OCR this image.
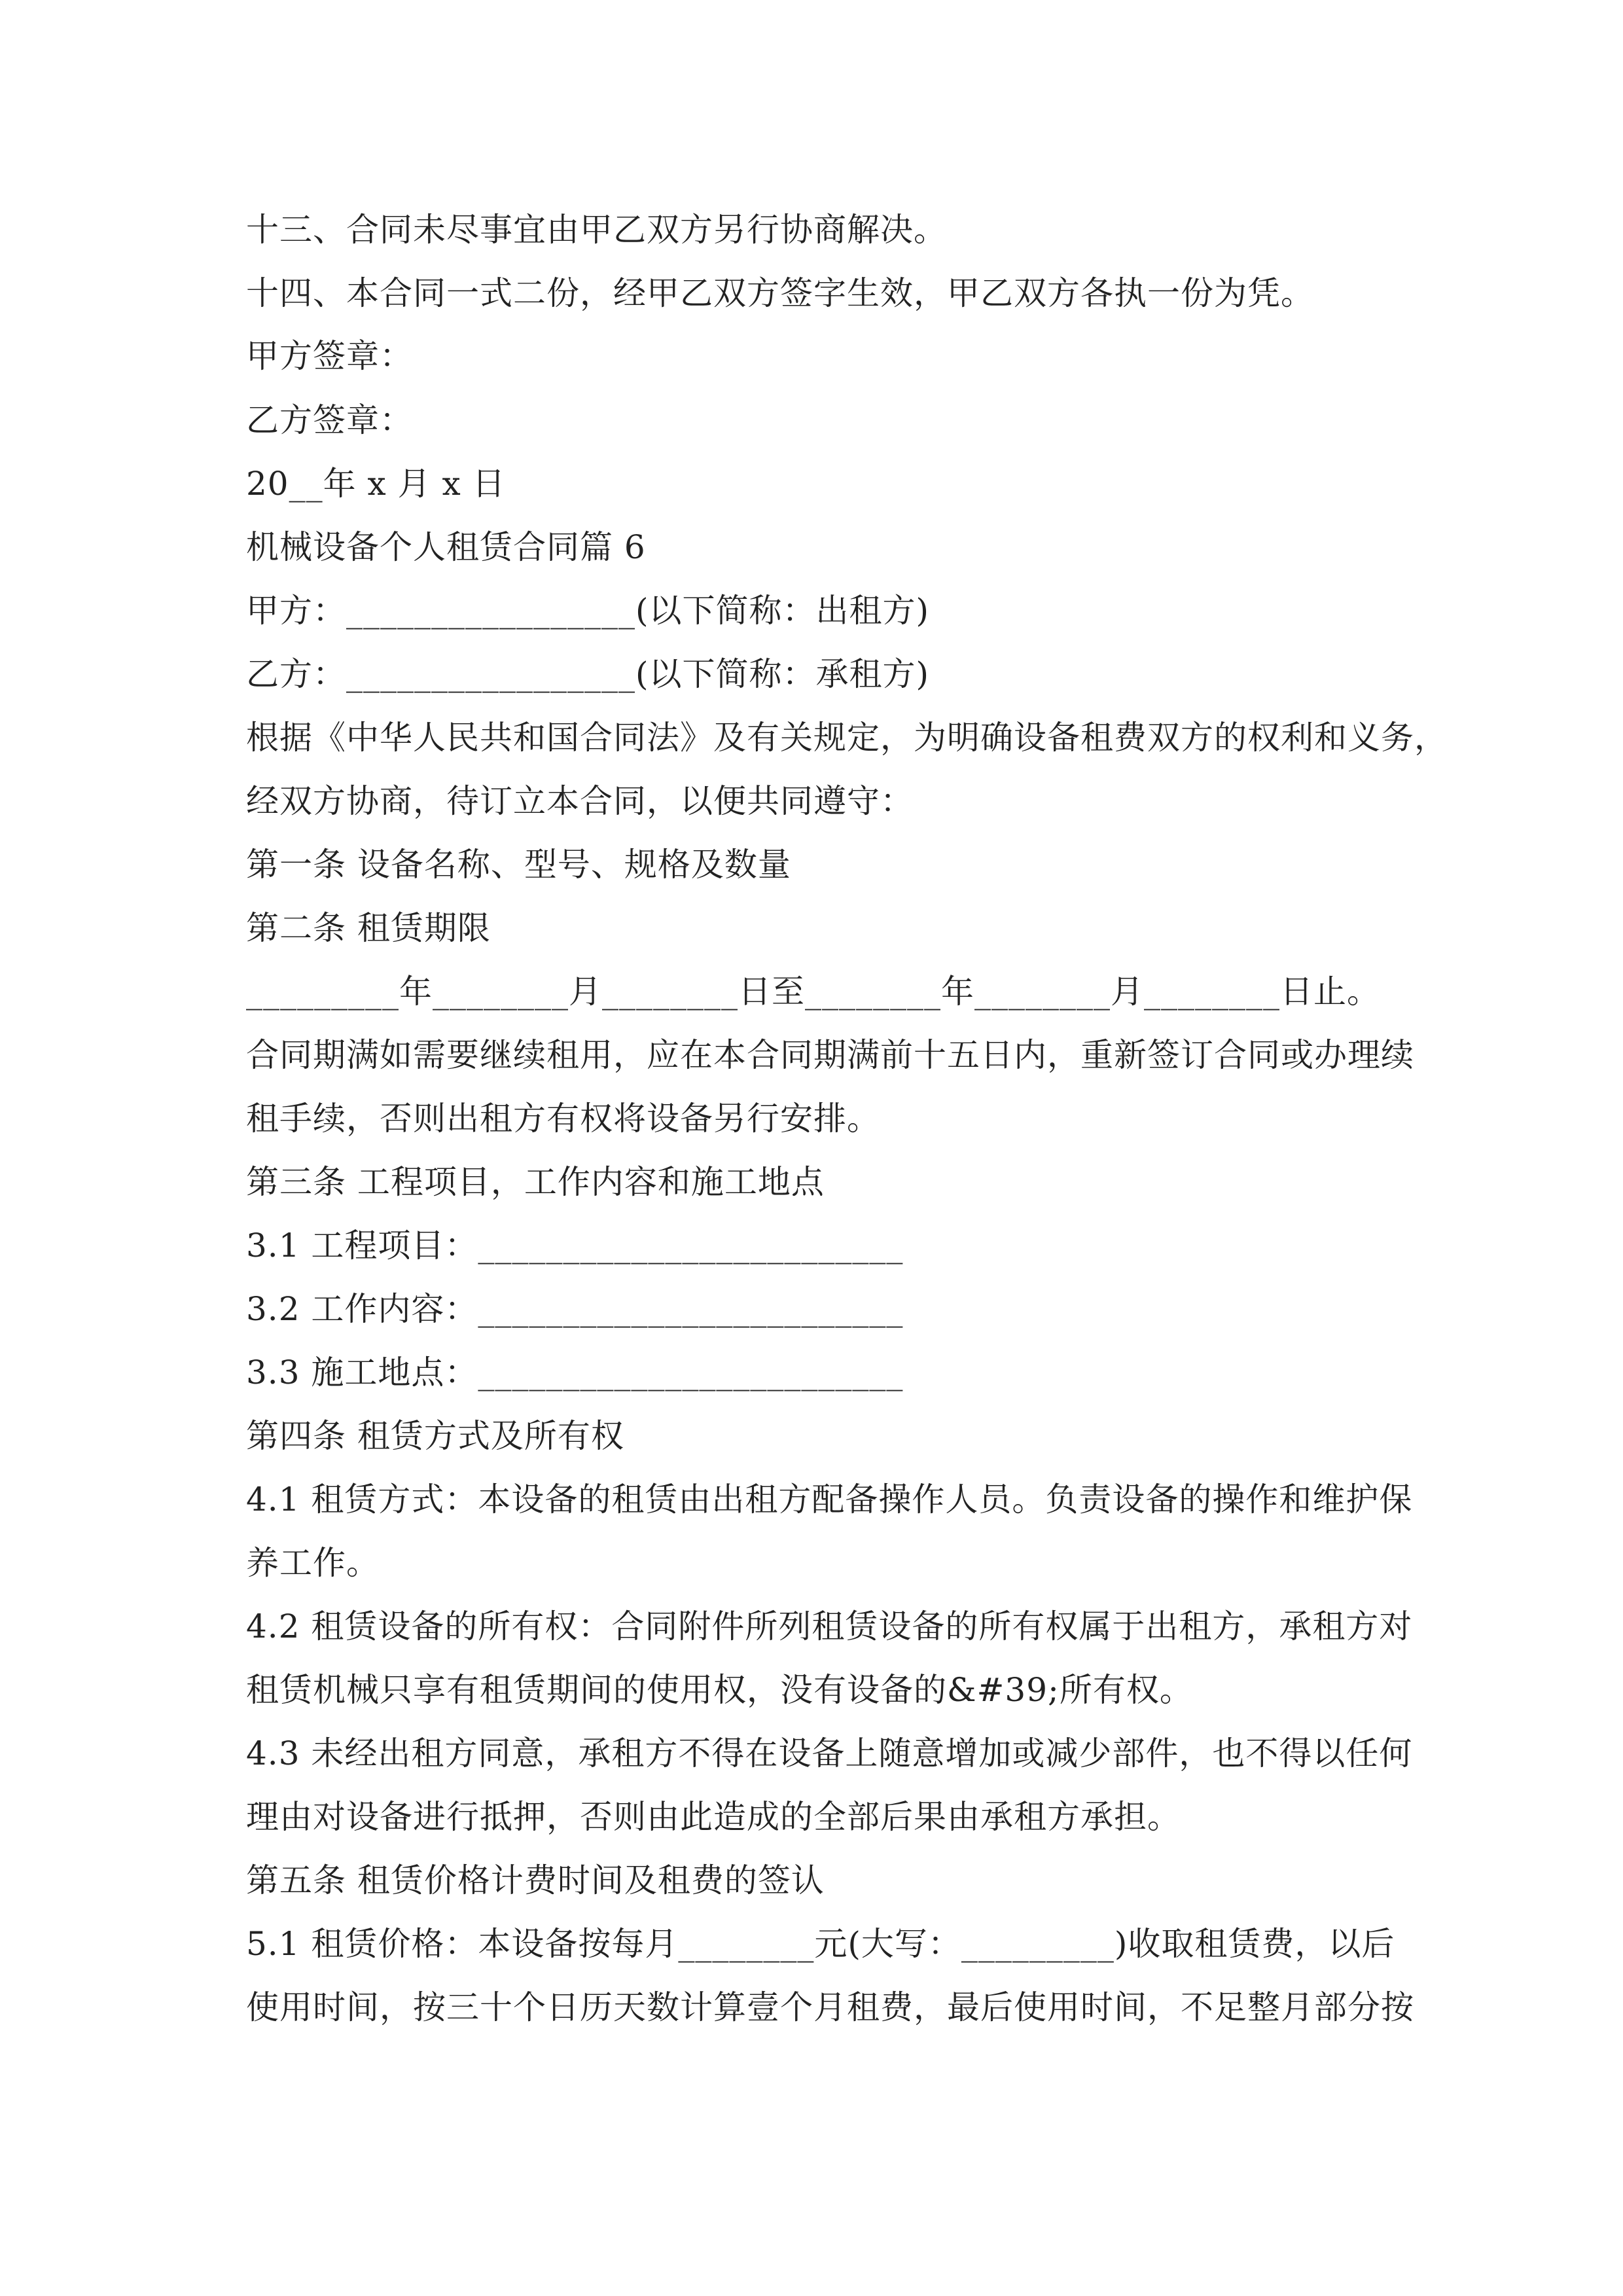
十三、合同未尽事宜由甲乙双方另行协商解决。
十四、本合同一式二份，经甲乙双方签字生效，甲乙双方各执一份为凭。
甲方签章：
乙方签章：
20__年 x 月 x 日
机械设备个人租赁合同篇 6
甲方：_________________(以下简称：出租方)
乙方：_________________(以下简称：承租方)
根据《中华人民共和国合同法》及有关规定，为明确设备租费双方的权利和义务，
经双方协商，待订立本合同，以便共同遵守：
第一条 设备名称、型号、规格及数量
第二条 租赁期限
_________年________月________日至________年________月________日止。
合同期满如需要继续租用，应在本合同期满前十五日内，重新签订合同或办理续
租手续，否则出租方有权将设备另行安排。
第三条 工程项目，工作内容和施工地点
3.1 工程项目：_________________________
3.2 工作内容：_________________________
3.3 施工地点：_________________________
第四条 租赁方式及所有权
4.1 租赁方式：本设备的租赁由出租方配备操作人员。负责设备的操作和维护保
养工作。
4.2 租赁设备的所有权：合同附件所列租赁设备的所有权属于出租方，承租方对
租赁机械只享有租赁期间的使用权，没有设备的&#39;所有权。
4.3 未经出租方同意，承租方不得在设备上随意增加或减少部件，也不得以任何
理由对设备进行抵押，否则由此造成的全部后果由承租方承担。
第五条 租赁价格计费时间及租费的签认
5.1 租赁价格：本设备按每月________元(大写：_________)收取租赁费，以后
使用时间，按三十个日历天数计算壹个月租费，最后使用时间，不足整月部分按
